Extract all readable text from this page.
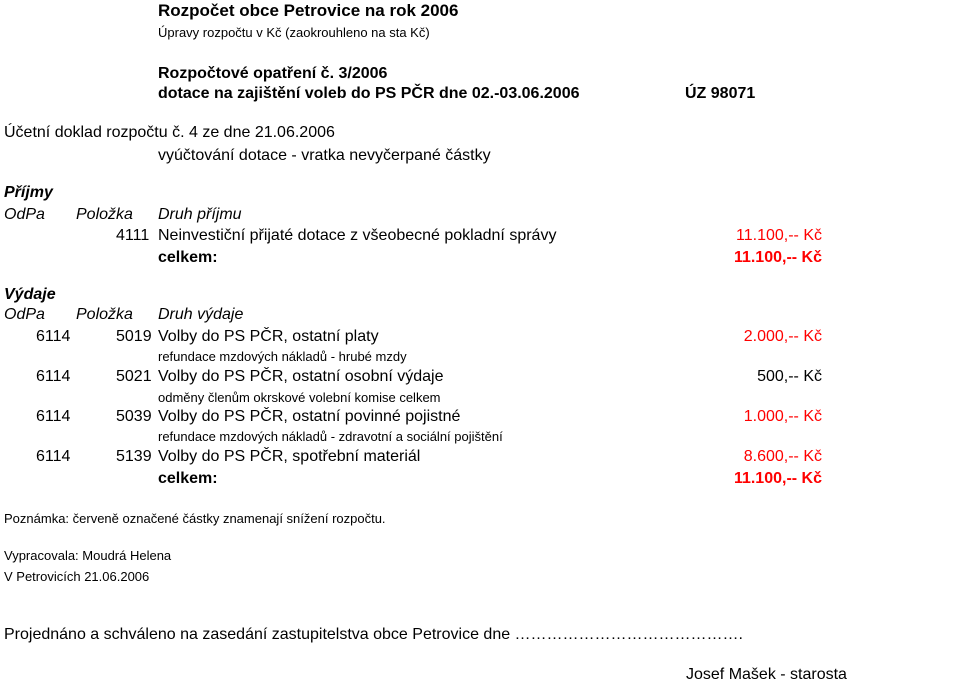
Rozpočet obce Petrovice na rok 2006
Úpravy rozpočtu v Kč (zaokrouhleno na sta Kč)
Rozpočtové opatření č. 3/2006
dotace na zajištění voleb do PS PČR dne 02.-03.06.2006	ÚZ 98071
Účetní doklad rozpočtu č. 4 ze dne 21.06.2006
vyúčtování dotace - vratka nevyčerpané částky
Příjmy
OdPa Položka Druh příjmu
4111 Neinvestiční přijaté dotace z všeobecné pokladní správy	11.100,-- Kč
celkem:	11.100,-- Kč
Výdaje
OdPa Položka Druh výdaje
6114	5019 Volby do PS PČR, ostatní platy	2.000,-- Kč
refundace mzdových nákladů - hrubé mzdy
6114	5021 Volby do PS PČR, ostatní osobní výdaje	500,-- Kč
odměny členům okrskové volební komise celkem
6114	5039 Volby do PS PČR, ostatní povinné pojistné	1.000,-- Kč
refundace mzdových nákladů - zdravotní a sociální pojištění
6114	5139 Volby do PS PČR, spotřební materiál	8.600,-- Kč
celkem:	11.100,-- Kč
Poznámka: červeně označené částky znamenají snížení rozpočtu.
Vypracovala: Moudrá Helena
V Petrovicích 21.06.2006
Projednáno a schváleno na zasedání zastupitelstva obce Petrovice dne …………………………………….
Josef Mašek - starosta
